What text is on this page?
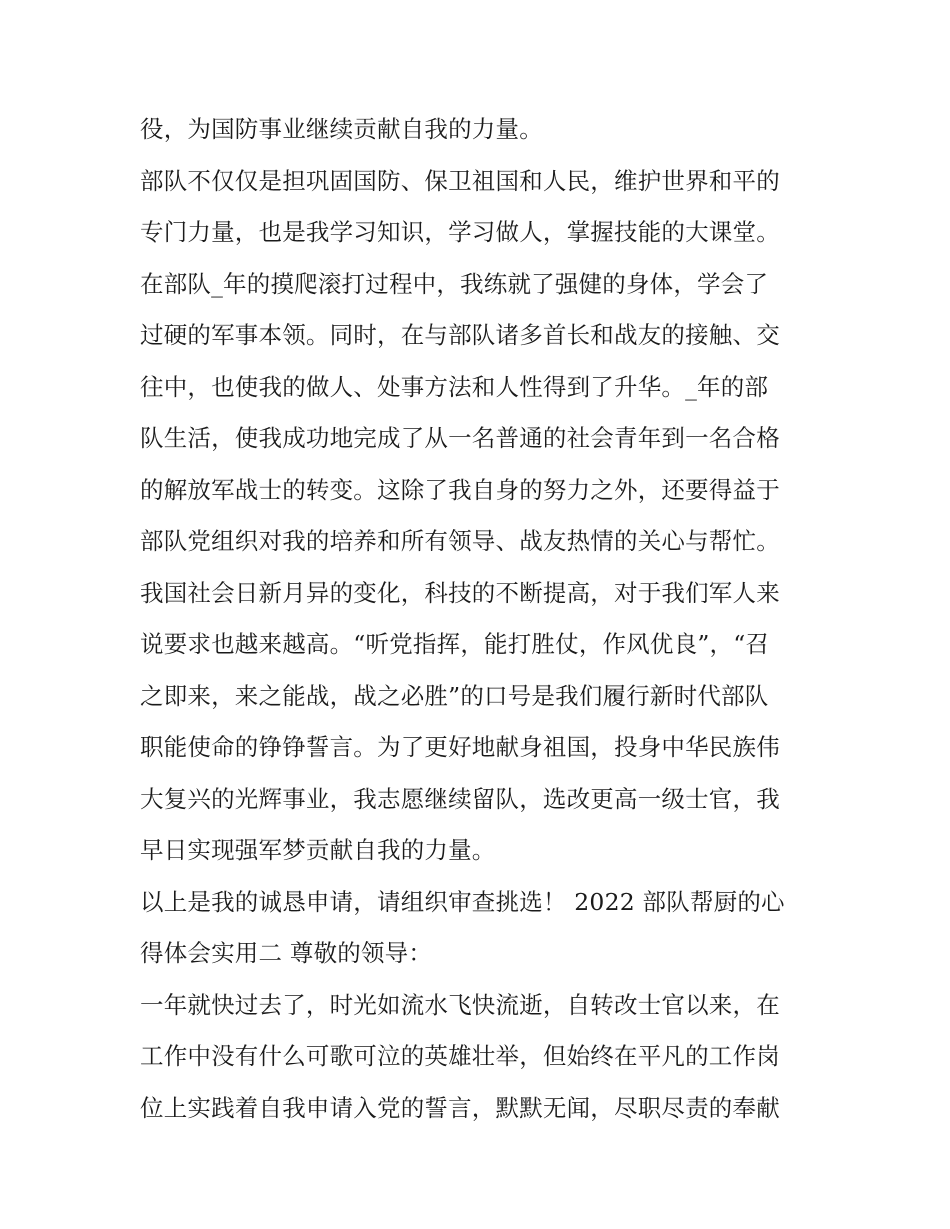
役，为国防事业继续贡献自我的力量。
部队不仅仅是担巩固国防、保卫祖国和人民，维护世界和平的
专门力量，也是我学习知识，学习做人，掌握技能的大课堂。
在部队_年的摸爬滚打过程中，我练就了强健的身体，学会了
过硬的军事本领。同时，在与部队诸多首长和战友的接触、交
往中，也使我的做人、处事方法和人性得到了升华。_年的部
队生活，使我成功地完成了从一名普通的社会青年到一名合格
的解放军战士的转变。这除了我自身的努力之外，还要得益于
部队党组织对我的培养和所有领导、战友热情的关心与帮忙。
我国社会日新月异的变化，科技的不断提高，对于我们军人来
说要求也越来越高。“听党指挥，能打胜仗，作风优良”，“召
之即来，来之能战，战之必胜”的口号是我们履行新时代部队
职能使命的铮铮誓言。为了更好地献身祖国，投身中华民族伟
大复兴的光辉事业，我志愿继续留队，选改更高一级士官，我
早日实现强军梦贡献自我的力量。
以上是我的诚恳申请，请组织审查挑选！ 2022 部队帮厨的心
得体会实用二 尊敬的领导：
一年就快过去了，时光如流水飞快流逝，自转改士官以来，在
工作中没有什么可歌可泣的英雄壮举，但始终在平凡的工作岗
位上实践着自我申请入党的誓言，默默无闻，尽职尽责的奉献
